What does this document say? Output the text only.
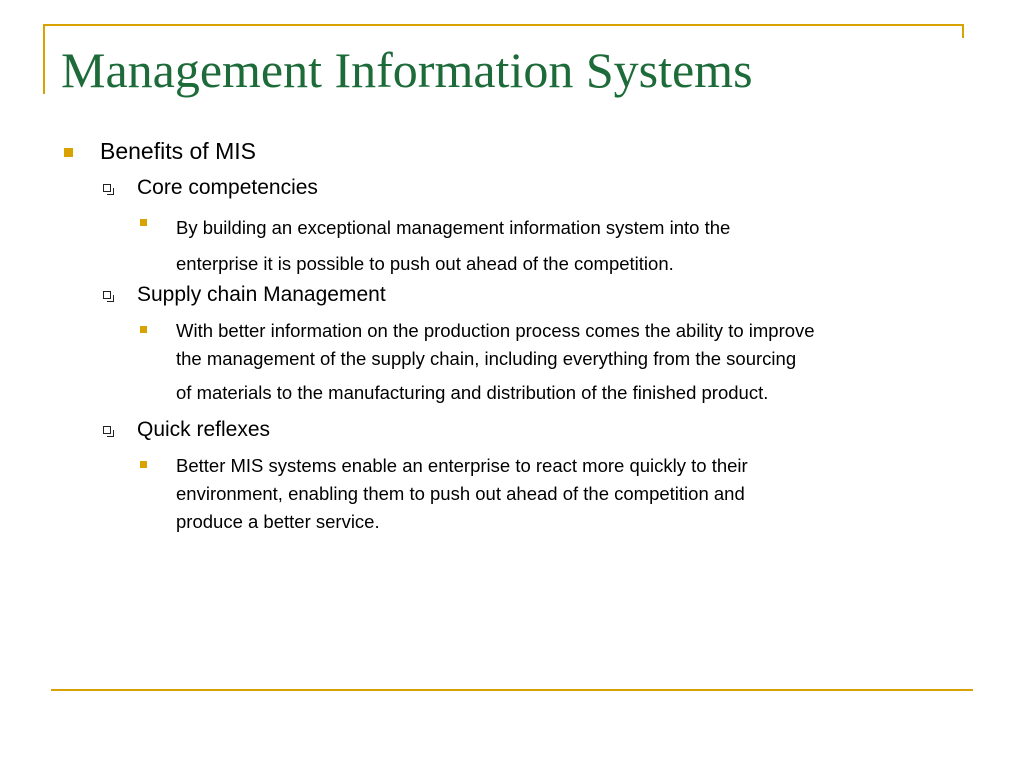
Management Information Systems
Benefits of MIS
Core competencies
By building an exceptional management information system into the
enterprise it is possible to push out ahead of the competition.
Supply chain Management
With better information on the production process comes the ability to improve
the management of the supply chain, including everything from the sourcing
of materials to the manufacturing and distribution of the finished product.
Quick reflexes
Better MIS systems enable an enterprise to react more quickly to their
environment, enabling them to push out ahead of the competition and
produce a better service.
